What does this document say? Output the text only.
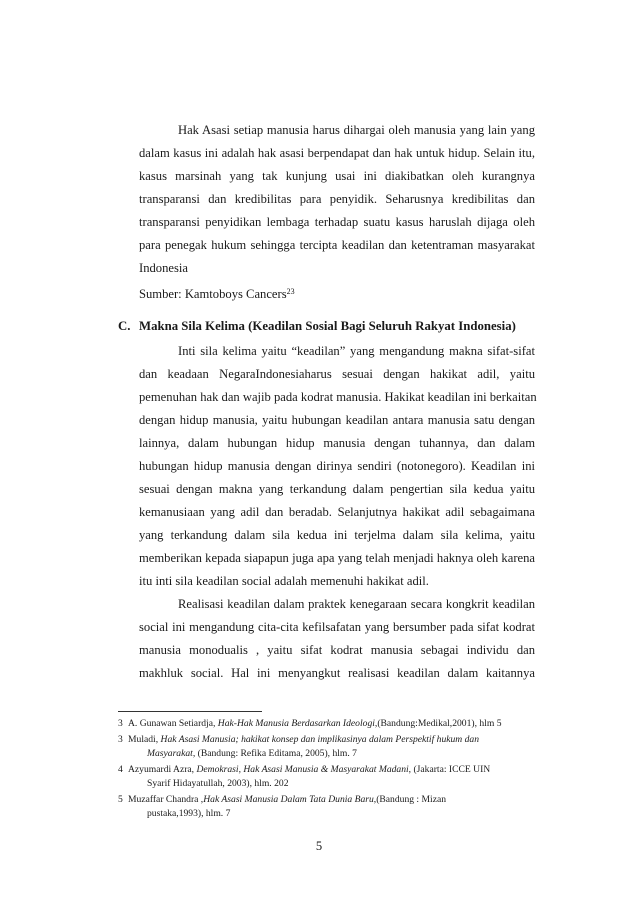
Hak Asasi setiap manusia harus dihargai oleh manusia yang lain yang
dalam kasus ini adalah hak asasi berpendapat dan hak untuk hidup. Selain itu,
kasus marsinah yang tak kunjung usai ini diakibatkan oleh kurangnya
transparansi dan kredibilitas para penyidik. Seharusnya kredibilitas dan
transparansi penyidikan lembaga terhadap suatu kasus haruslah dijaga oleh
para penegak hukum sehingga tercipta keadilan dan ketentraman masyarakat
Indonesia
Sumber: Kamtoboys Cancers$^{23}$
C. Makna Sila Kelima (Keadilan Sosial Bagi Seluruh Rakyat Indonesia)
Inti sila kelima yaitu “keadilan” yang mengandung makna sifat-sifat
dan keadaan NegaraIndonesiaharus sesuai dengan hakikat adil, yaitu
pemenuhan hak dan wajib pada kodrat manusia. Hakikat keadilan ini berkaitan
dengan hidup manusia, yaitu hubungan keadilan antara manusia satu dengan
lainnya, dalam hubungan hidup manusia dengan tuhannya, dan dalam
hubungan hidup manusia dengan dirinya sendiri (notonegoro). Keadilan ini
sesuai dengan makna yang terkandung dalam pengertian sila kedua yaitu
kemanusiaan yang adil dan beradab. Selanjutnya hakikat adil sebagaimana
yang terkandung dalam sila kedua ini terjelma dalam sila kelima, yaitu
memberikan kepada siapapun juga apa yang telah menjadi haknya oleh karena
itu inti sila keadilan social adalah memenuhi hakikat adil.
Realisasi keadilan dalam praktek kenegaraan secara kongkrit keadilan
social ini mengandung cita-cita kefilsafatan yang bersumber pada sifat kodrat
manusia monodualis , yaitu sifat kodrat manusia sebagai individu dan
makhluk social. Hal ini menyangkut realisasi keadilan dalam kaitannya
3 A. Gunawan Setiardja, Hak-Hak Manusia Berdasarkan Ideologi,(Bandung:Medikal,2001), hlm 5
3 Muladi, Hak Asasi Manusia; hakikat konsep dan implikasinya dalam Perspektif hukum dan
Masyarakat, (Bandung: Refika Editama, 2005), hlm. 7
4 Azyumardi Azra, Demokrasi, Hak Asasi Manusia & Masyarakat Madani, (Jakarta: ICCE UIN
Syarif Hidayatullah, 2003), hlm. 202
5 Muzaffar Chandra ,Hak Asasi Manusia Dalam Tata Dunia Baru,(Bandung : Mizan
pustaka,1993), hlm. 7
5
